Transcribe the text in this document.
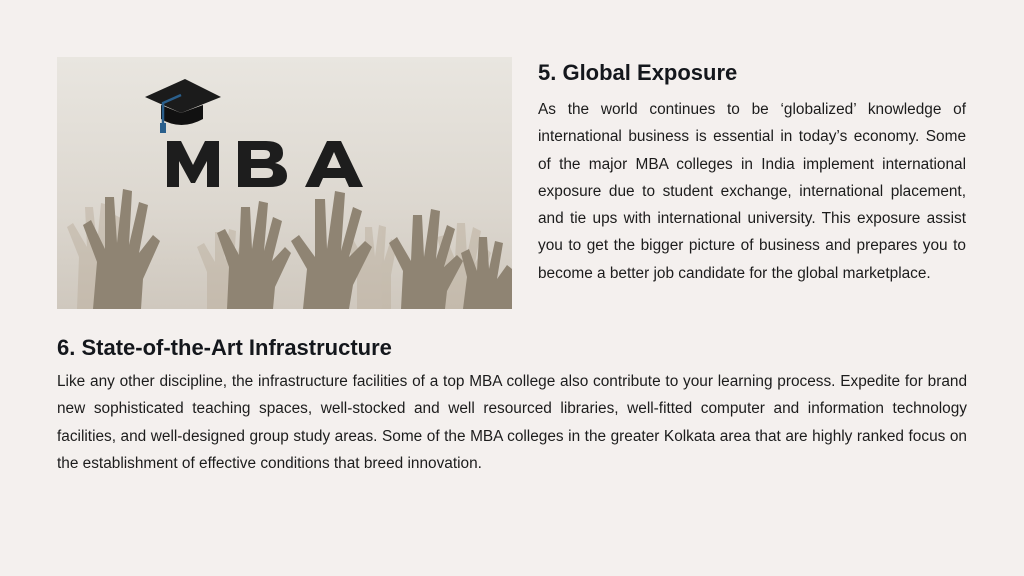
5. Global Exposure

As the world continues to be ‘globalized’ knowledge of international business is essential in today’s economy. Some of the major MBA colleges in India implement international exposure due to student exchange, international placement, and tie ups with international university. This exposure assist you to get the bigger picture of business and prepares you to become a better job candidate for the global marketplace.

6. State-of-the-Art Infrastructure

Like any other discipline, the infrastructure facilities of a top MBA college also contribute to your learning process. Expedite for brand new sophisticated teaching spaces, well-stocked and well resourced libraries, well-fitted computer and information technology facilities, and well-designed group study areas. Some of the MBA colleges in the greater Kolkata area that are highly ranked focus on the establishment of effective conditions that breed innovation.
